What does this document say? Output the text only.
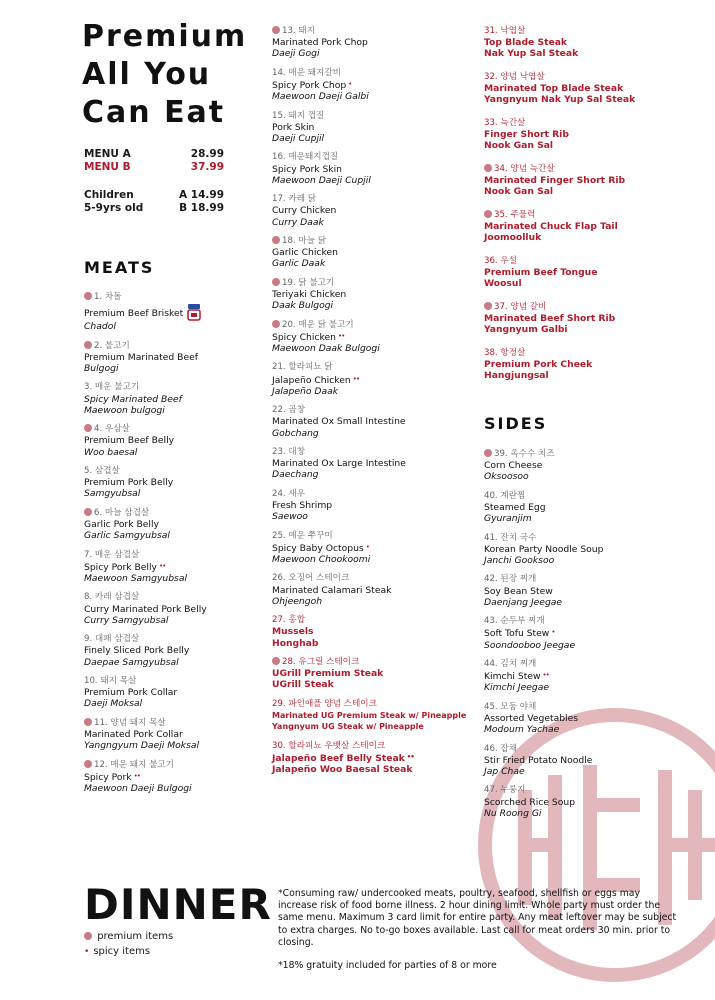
Premium
All You
Can Eat
MENU A	28.99
MENU B	37.99
Children
5-9yrs old
A 14.99
B 18.99
MEATS
SIDES
1. 차돌
Premium Beef Brisket
Chadol
2. 불고기
Premium Marinated Beef
Bulgogi
3. 매운 불고기
Spicy Marinated Beef
Maewoon bulgogi
4. 우삼살
Premium Beef Belly
Woo baesal
5. 삼겹살
Premium Pork Belly
Samgyubsal
6. 마늘 삼겹살
Garlic Pork Belly
Garlic Samgyubsal
7. 매운 삼겹살
Spicy Pork Belly ••
Maewoon Samgyubsal
8. 카레 삼겹살
Curry Marinated Pork Belly
Curry Samgyubsal
9. 대패 삼겹살
Finely Sliced Pork Belly
Daepae Samgyubsal
10. 돼지 목살
Premium Pork Collar
Daeji Moksal
11. 양념 돼지 목살
Marinated Pork Collar
Yangngyum Daeji Moksal
12. 매운 돼지 불고기
Spicy Pork ••
Maewoon Daeji Bulgogi
13. 돼지
Marinated Pork Chop
Daeji Gogi
14. 매운 돼지갈비
Spicy Pork Chop •
Maewoon Daeji Galbi
15. 돼지 껍질
Pork Skin
Daeji Cupjil
16. 매운돼지껍질
Spicy Pork Skin
Maewoon Daeji Cupjil
17. 카레 닭
Curry Chicken
Curry Daak
18. 마늘 닭
Garlic Chicken
Garlic Daak
19. 닭 불고기
Teriyaki Chicken
Daak Bulgogi
20. 매운 닭 불고기
Spicy Chicken ••
Maewoon Daak Bulgogi
21. 할라피뇨 닭
Jalapeño Chicken ••
Jalapeño Daak
22. 곱창
Marinated Ox Small Intestine
Gobchang
23. 대창
Marinated Ox Large Intestine
Daechang
24. 새우
Fresh Shrimp
Saewoo
25. 매운 쭈꾸미
Spicy Baby Octopus •
Maewoon Chookoomi
26. 오징어 스테이크
Marinated Calamari Steak
Ohjeengoh
27. 홍합
Mussels
Honghab
28. 유그릴 스테이크
UGrill Premium Steak
UGrill Steak
29. 파인애플 양념 스테이크
Marinated UG Premium Steak w/ Pineapple
Yangnyum UG Steak w/ Pineapple
30. 할라피뇨 우뱃살 스테이크
Jalapeño Beef Belly Steak ••
Jalapeño Woo Baesal Steak
31. 낙엽살
Top Blade Steak
Nak Yup Sal Steak
32. 양념 낙엽살
Marinated Top Blade Steak
Yangnyum Nak Yup Sal Steak
33. 늑간살
Finger Short Rib
Nook Gan Sal
34. 양념 늑간살
Marinated Finger Short Rib
Nook Gan Sal
35. 주물럭
Marinated Chuck Flap Tail
Joomoolluk
36. 우설
Premium Beef Tongue
Woosul
37. 양념 갈비
Marinated Beef Short Rib
Yangnyum Galbi
38. 항정살
Premium Pork Cheek
Hangjungsal
39. 옥수수 치즈
Corn Cheese
Oksoosoo
40. 계란찜
Steamed Egg
Gyuranjim
41. 잔치 국수
Korean Party Noodle Soup
Janchi Gooksoo
42. 된장 찌개
Soy Bean Stew
Daenjang Jeegae
43. 순두부 찌개
Soft Tofu Stew •
Soondooboo Jeegae
44. 김치 찌개
Kimchi Stew ••
Kimchi Jeegae
45. 모둠 야채
Assorted Vegetables
Modoum Yachae
46. 잡채
Stir Fried Potato Noodle
Jap Chae
47. 누룽지
Scorched Rice Soup
Nu Roong Gi
DINNER
premium items
• spicy items

*Consuming raw/ undercooked meats, poultry, seafood, shellfish or eggs may increase risk of food borne illness. 2 hour dining limit. Whole party must order the same menu. Maximum 3 card limit for entire party. Any meat leftover may be subject to extra charges. No to-go boxes available. Last call for meat orders 30 min. prior to closing.

*18% gratuity included for parties of 8 or more
